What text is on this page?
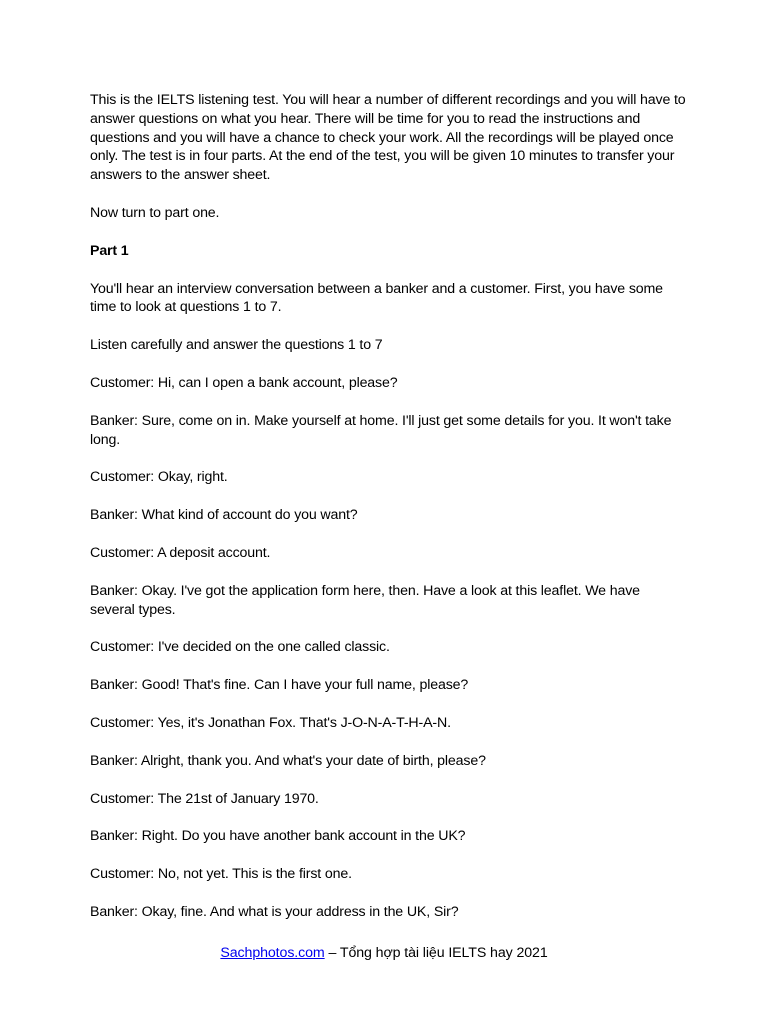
This is the IELTS listening test. You will hear a number of different recordings and you will have to answer questions on what you hear. There will be time for you to read the instructions and questions and you will have a chance to check your work. All the recordings will be played once only. The test is in four parts. At the end of the test, you will be given 10 minutes to transfer your answers to the answer sheet.

Now turn to part one.

Part 1

You'll hear an interview conversation between a banker and a customer. First, you have some time to look at questions 1 to 7.

Listen carefully and answer the questions 1 to 7

Customer: Hi, can I open a bank account, please?

Banker: Sure, come on in. Make yourself at home. I'll just get some details for you. It won't take long.

Customer: Okay, right.

Banker: What kind of account do you want?

Customer: A deposit account.

Banker: Okay. I've got the application form here, then. Have a look at this leaflet. We have several types.

Customer: I've decided on the one called classic.

Banker: Good! That's fine. Can I have your full name, please?

Customer: Yes, it's Jonathan Fox. That's J-O-N-A-T-H-A-N.

Banker: Alright, thank you. And what's your date of birth, please?

Customer: The 21st of January 1970.

Banker: Right. Do you have another bank account in the UK?

Customer: No, not yet. This is the first one.

Banker: Okay, fine. And what is your address in the UK, Sir?

Sachphotos.com – Tổng hợp tài liệu IELTS hay 2021
